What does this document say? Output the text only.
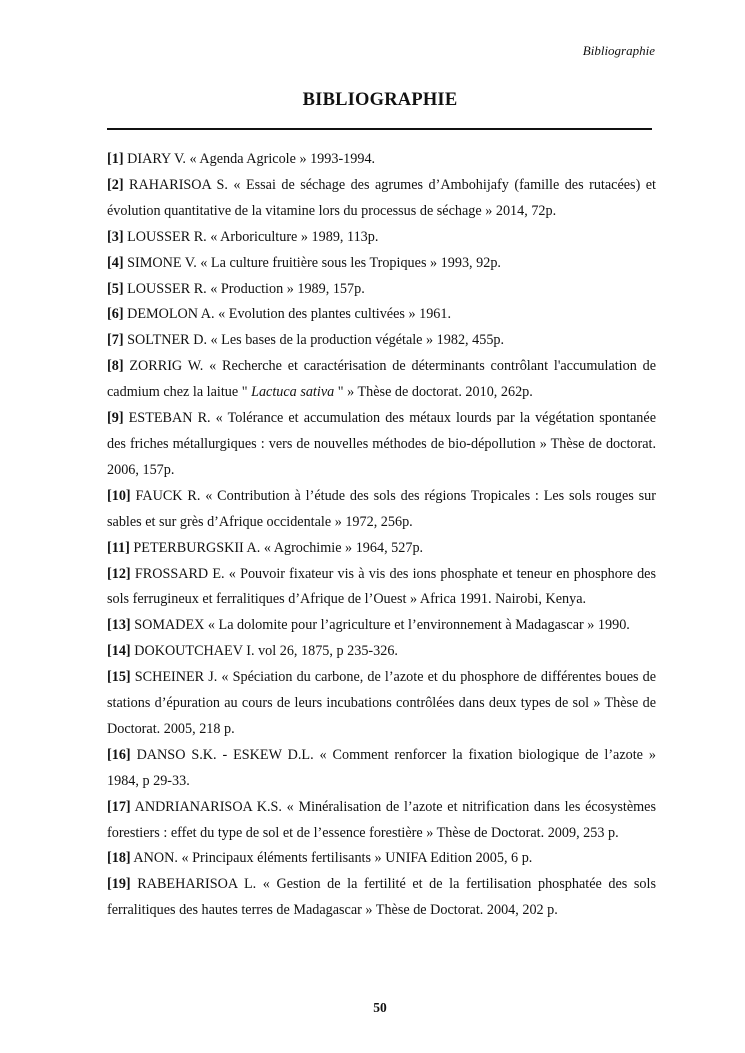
Bibliographie

BIBLIOGRAPHIE
[ 1 ] DIARY V. « Agenda Agricole » 1993-1994.
[ 2 ] RAHARISOA S. « Essai de séchage des agrumes d’Ambohijafy (famille des rutacées) et évolution quantitative de la vitamine lors du processus de séchage » 2014, 72p.
[ 3 ] LOUSSER R. « Arboriculture » 1989, 113p.
[ 4 ] SIMONE V. « La culture fruitière sous les Tropiques » 1993, 92p.
[ 5 ] LOUSSER R. « Production » 1989, 157p.
[ 6 ] DEMOLON A. « Evolution des plantes cultivées » 1961.
[ 7 ] SOLTNER D. « Les bases de la production végétale » 1982, 455p.
[ 8 ] ZORRIG W. « Recherche et caractérisation de déterminants contrôlant l'accumulation de cadmium chez la laitue " Lactuca sativa " » Thèse de doctorat. 2010, 262p.
[ 9 ] ESTEBAN R. « Tolérance et accumulation des métaux lourds par la végétation spontanée des friches métallurgiques : vers de nouvelles méthodes de bio-dépollution » Thèse de doctorat. 2006, 157p.
[ 10 ] FAUCK R. « Contribution à l’étude des sols des régions Tropicales : Les sols rouges sur sables et sur grès d’Afrique occidentale » 1972, 256p.
[ 11 ] PETERBURGSKII A. « Agrochimie » 1964, 527p.
[ 12 ] FROSSARD E. « Pouvoir fixateur vis à vis des ions phosphate et teneur en phosphore des sols ferrugineux et ferralitiques d’Afrique de l’Ouest » Africa 1991. Nairobi, Kenya.
[ 13 ] SOMADEX « La dolomite pour l’agriculture et l’environnement à Madagascar » 1990.
[ 14 ] DOKOUTCHAEV I. vol 26, 1875, p 235-326.
[ 15 ] SCHEINER J. « Spéciation du carbone, de l’azote et du phosphore de différentes boues de stations d’épuration au cours de leurs incubations contrôlées dans deux types de sol » Thèse de Doctorat. 2005, 218 p.
[ 16 ] DANSO S.K. - ESKEW D.L. « Comment renforcer la fixation biologique de l’azote » 1984, p 29-33.
[ 17 ] ANDRIANARISOA K.S. « Minéralisation de l’azote et nitrification dans les écosystèmes forestiers : effet du type de sol et de l’essence forestière » Thèse de Doctorat. 2009, 253 p.
[ 18 ] ANON. « Principaux éléments fertilisants » UNIFA Edition 2005, 6 p.
[ 19 ] RABEHARISOA L. « Gestion de la fertilité et de la fertilisation phosphatée des sols ferralitiques des hautes terres de Madagascar » Thèse de Doctorat. 2004, 202 p.

50
